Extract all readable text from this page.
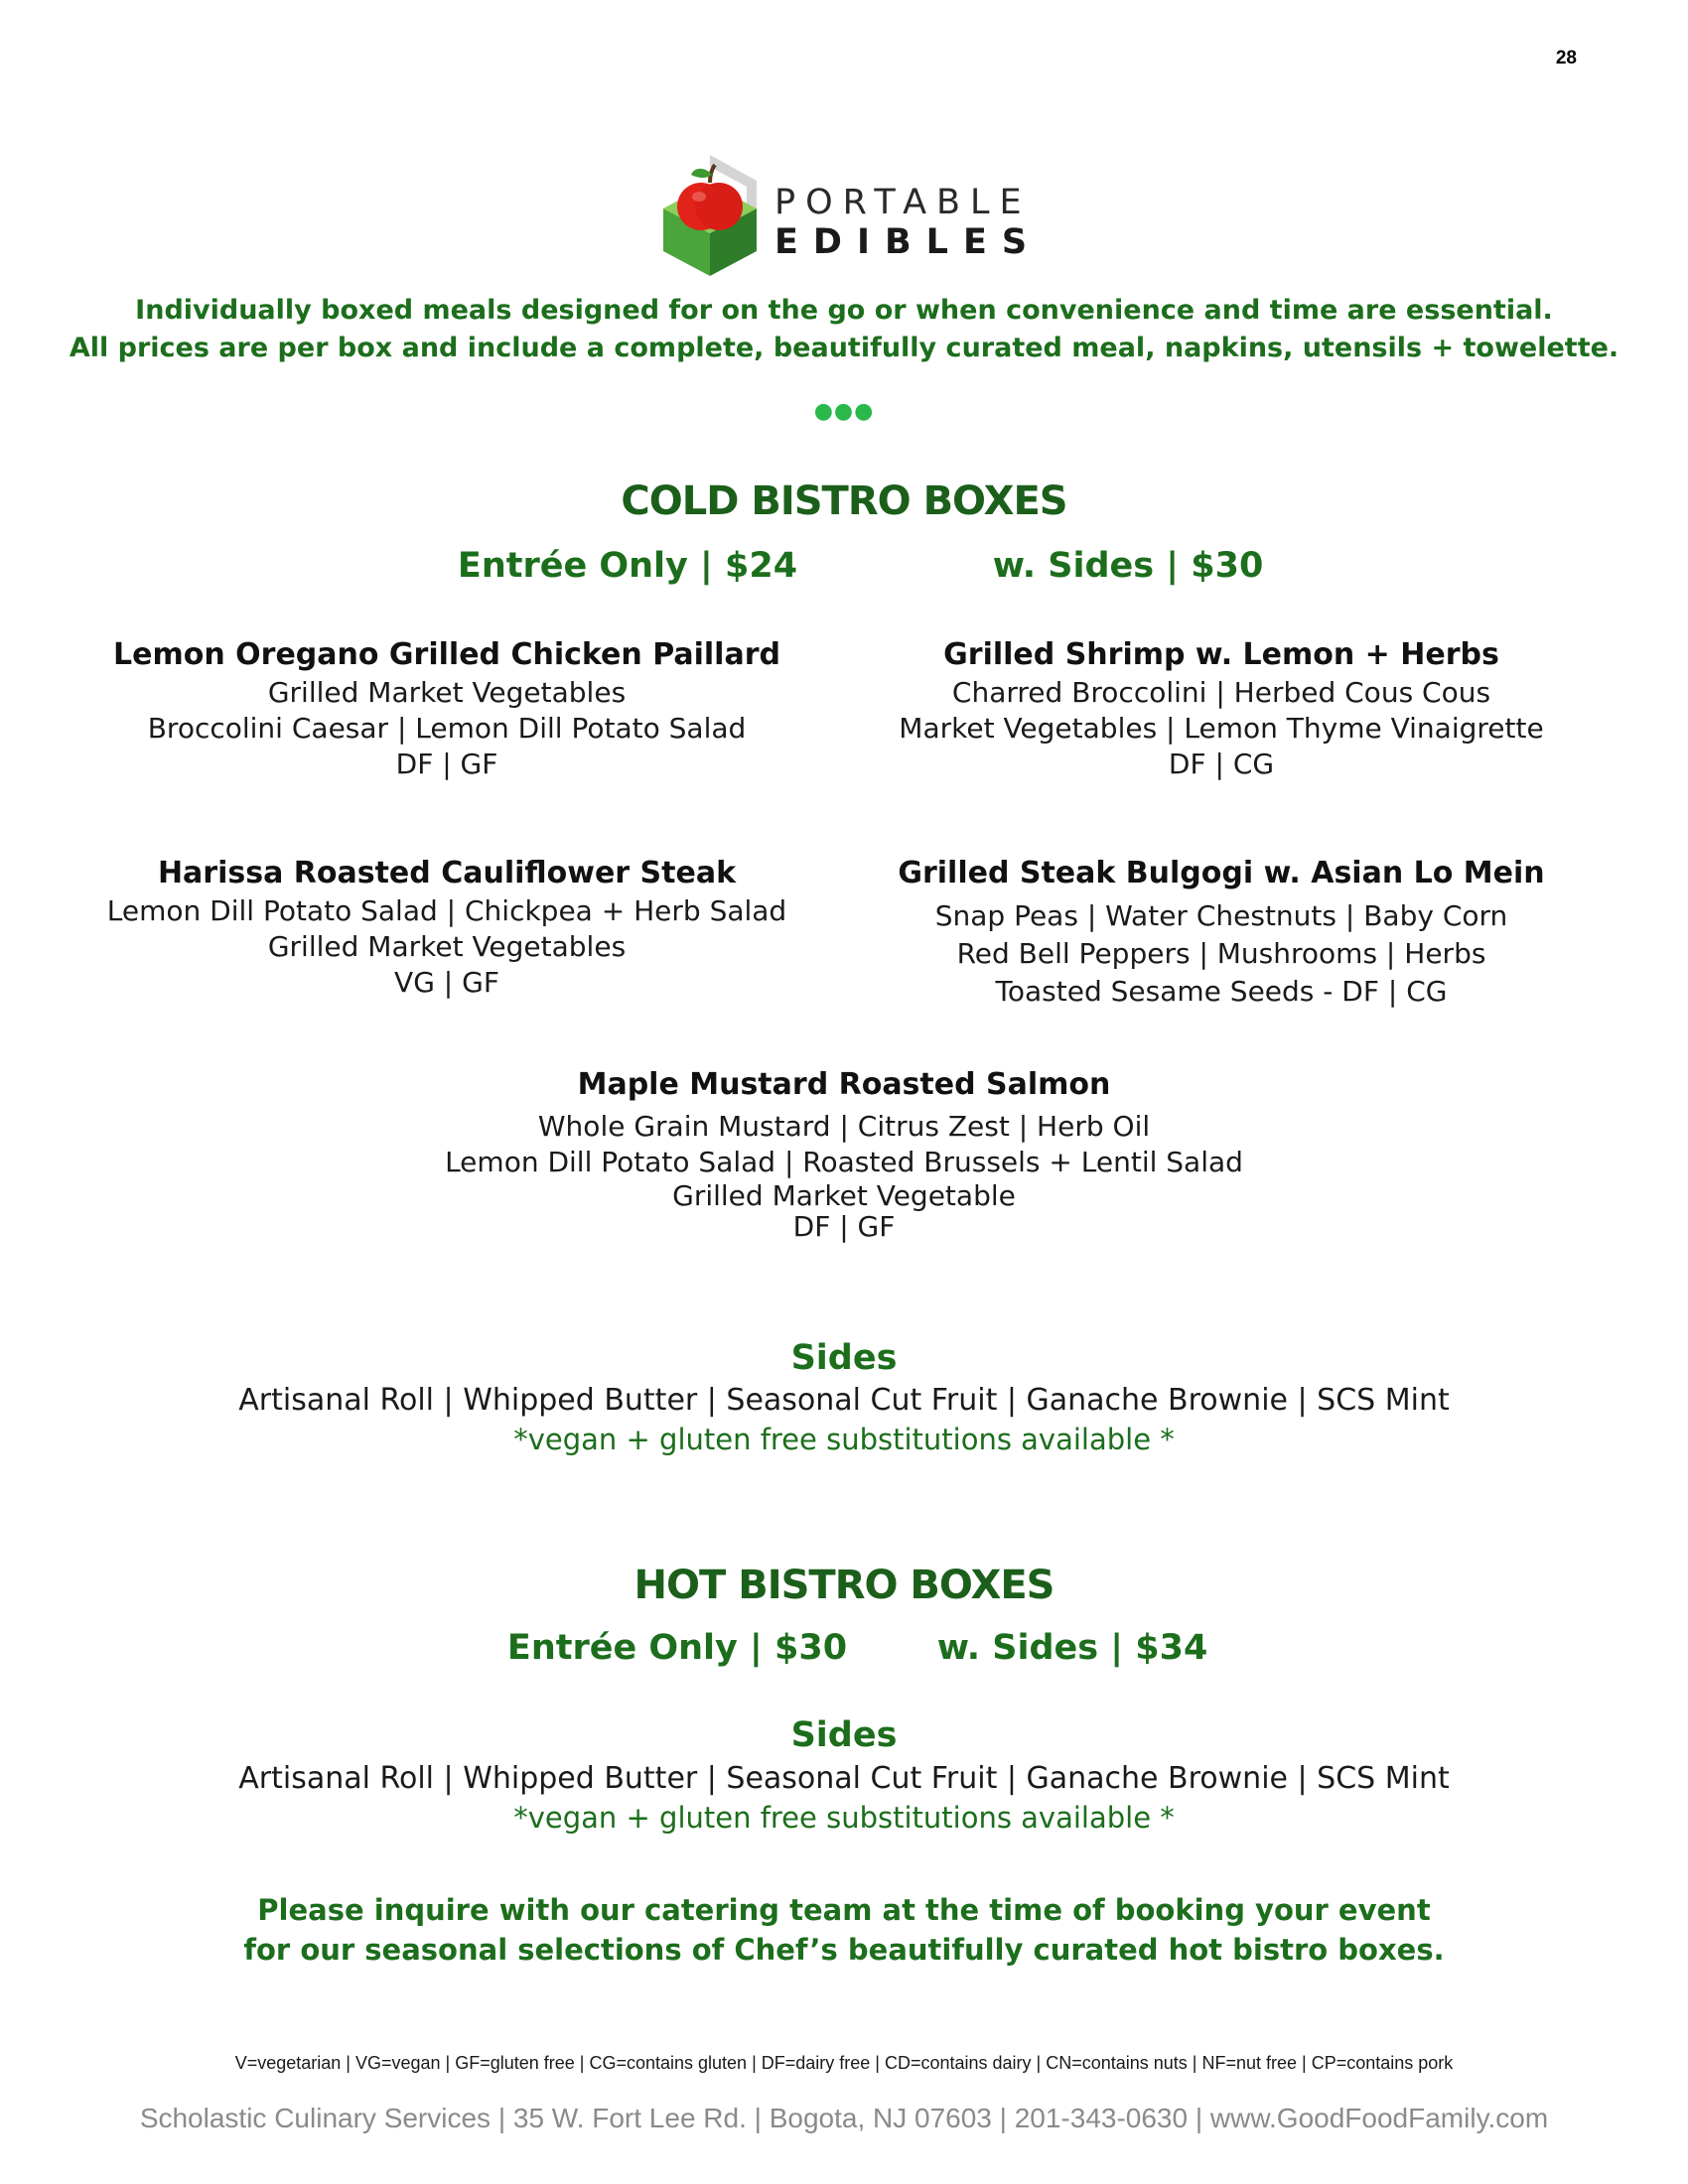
28
PORTABLE
EDIBLES
Individually boxed meals designed for on the go or when convenience and time are essential.
All prices are per box and include a complete, beautifully curated meal, napkins, utensils + towelette.
●●●
COLD BISTRO BOXES
Entrée Only | $24	w. Sides | $30
Lemon Oregano Grilled Chicken Paillard
Grilled Market Vegetables
Broccolini Caesar | Lemon Dill Potato Salad
DF | GF
Grilled Shrimp w. Lemon + Herbs
Charred Broccolini | Herbed Cous Cous
Market Vegetables | Lemon Thyme Vinaigrette
DF | CG
Harissa Roasted Cauliflower Steak
Lemon Dill Potato Salad | Chickpea + Herb Salad
Grilled Market Vegetables
VG | GF
Grilled Steak Bulgogi w. Asian Lo Mein
Snap Peas | Water Chestnuts | Baby Corn
Red Bell Peppers | Mushrooms | Herbs
Toasted Sesame Seeds - DF | CG
Maple Mustard Roasted Salmon
Whole Grain Mustard | Citrus Zest | Herb Oil
Lemon Dill Potato Salad | Roasted Brussels + Lentil Salad
Grilled Market Vegetable
DF | GF
Sides
Artisanal Roll | Whipped Butter | Seasonal Cut Fruit | Ganache Brownie | SCS Mint
*vegan + gluten free substitutions available *
HOT BISTRO BOXES
Entrée Only | $30	w. Sides | $34
Sides
Artisanal Roll | Whipped Butter | Seasonal Cut Fruit | Ganache Brownie | SCS Mint
*vegan + gluten free substitutions available *
Please inquire with our catering team at the time of booking your event
for our seasonal selections of Chef’s beautifully curated hot bistro boxes.
V=vegetarian | VG=vegan | GF=gluten free | CG=contains gluten | DF=dairy free | CD=contains dairy | CN=contains nuts | NF=nut free | CP=contains pork
Scholastic Culinary Services | 35 W. Fort Lee Rd. | Bogota, NJ 07603 | 201-343-0630 | www.GoodFoodFamily.com
